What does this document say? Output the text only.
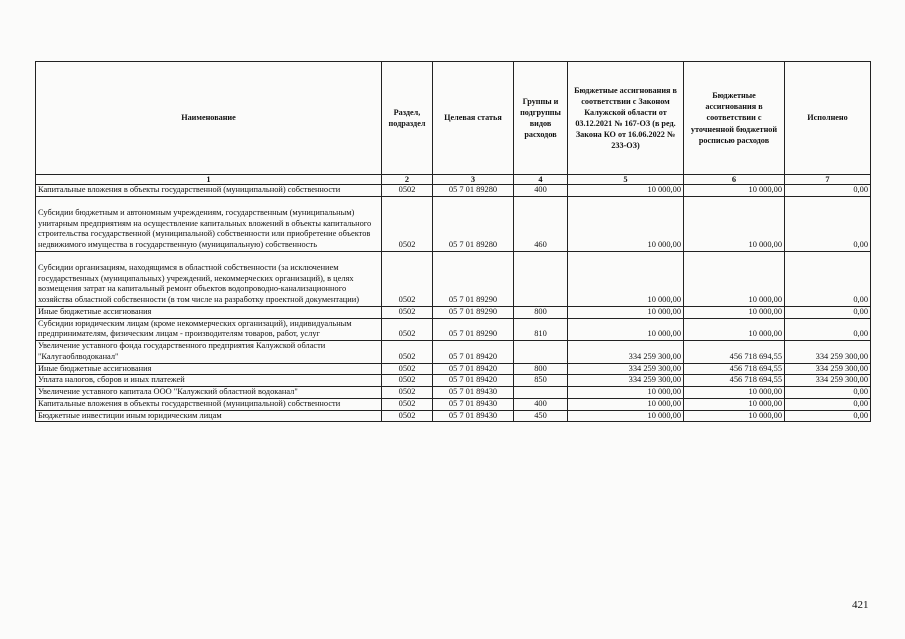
Наименование	Раздел, подраздел	Целевая статья	Группы и подгруппы видов расходов	Бюджетные ассигнования в соответствии с Законом Калужской области от 03.12.2021 № 167-ОЗ (в ред. Закона КО от 16.06.2022 № 233-ОЗ)	Бюджетные ассигнования в соответствии с уточненной бюджетной росписью расходов	Исполнено
1	2	3	4	5	6	7
Капитальные вложения в объекты государственной (муниципальной) собственности	0502	05 7 01 89280	400	10 000,00	10 000,00	0,00
Субсидии бюджетным и автономным учреждениям, государственным (муниципальным) унитарным предприятиям на осуществление капитальных вложений в объекты капитального строительства государственной (муниципальной) собственности или приобретение объектов недвижимого имущества в государственную (муниципальную) собственность	0502	05 7 01 89280	460	10 000,00	10 000,00	0,00
Субсидии организациям, находящимся в областной собственности (за исключением государственных (муниципальных) учреждений, некоммерческих организаций), в целях возмещения затрат на капитальный ремонт объектов водопроводно-канализационного хозяйства областной собственности (в том числе на разработку проектной документации)	0502	05 7 01 89290		10 000,00	10 000,00	0,00
Иные бюджетные ассигнования	0502	05 7 01 89290	800	10 000,00	10 000,00	0,00
Субсидии юридическим лицам (кроме некоммерческих организаций), индивидуальным предпринимателям, физическим лицам - производителям товаров, работ, услуг	0502	05 7 01 89290	810	10 000,00	10 000,00	0,00
Увеличение уставного фонда государственного предприятия Калужской области "Калугаоблводоканал"	0502	05 7 01 89420		334 259 300,00	456 718 694,55	334 259 300,00
Иные бюджетные ассигнования	0502	05 7 01 89420	800	334 259 300,00	456 718 694,55	334 259 300,00
Уплата налогов, сборов и иных платежей	0502	05 7 01 89420	850	334 259 300,00	456 718 694,55	334 259 300,00
Увеличение уставного капитала ООО "Калужский областной водоканал"	0502	05 7 01 89430		10 000,00	10 000,00	0,00
Капитальные вложения в объекты государственной (муниципальной) собственности	0502	05 7 01 89430	400	10 000,00	10 000,00	0,00
Бюджетные инвестиции иным юридическим лицам	0502	05 7 01 89430	450	10 000,00	10 000,00	0,00
421
